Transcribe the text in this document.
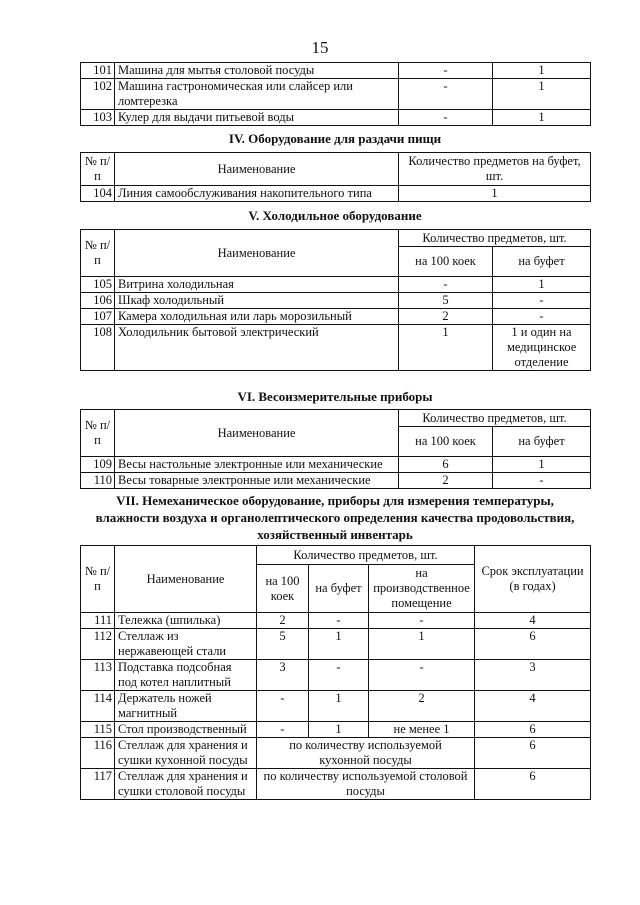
15
101	Машина для мытья столовой посуды	-	1
102	Машина гастрономическая или слайсер или ломтерезка	-	1
103	Кулер для выдачи питьевой воды	-	1
IV. Оборудование для раздачи пищи
№ п/п	Наименование	Количество предметов на буфет, шт.
104	Линия самообслуживания накопительного типа	1
V. Холодильное оборудование
№ п/п	Наименование	Количество предметов, шт.	
		на 100 коек	на буфет
105	Витрина холодильная	-	1
106	Шкаф холодильный	5	-
107	Камера холодильная или ларь морозильный	2	-
108	Холодильник бытовой электрический	1	1 и один на медицинское отделение
VI. Весоизмерительные приборы
№ п/п	Наименование	Количество предметов, шт.	
		на 100 коек	на буфет
109	Весы настольные электронные или механические	6	1
110	Весы товарные электронные или механические	2	-
VII. Немеханическое оборудование, приборы для измерения температуры, влажности воздуха и органолептического определения качества продовольствия, хозяйственный инвентарь
№ п/п	Наименование	Количество предметов, шт.			Срок эксплуатации (в годах)
		на 100 коек	на буфет	на производственное помещение	
111	Тележка (шпилька)	2	-	-	4
112	Стеллаж из нержавеющей стали	5	1	1	6
113	Подставка подсобная под котел наплитный	3	-	-	3
114	Держатель ножей магнитный	-	1	2	4
115	Стол производственный	-	1	не менее 1	6
116	Стеллаж для хранения и сушки кухонной посуды	по количеству используемой кухонной посуды			6
117	Стеллаж для хранения и сушки столовой посуды	по количеству используемой столовой посуды			6
